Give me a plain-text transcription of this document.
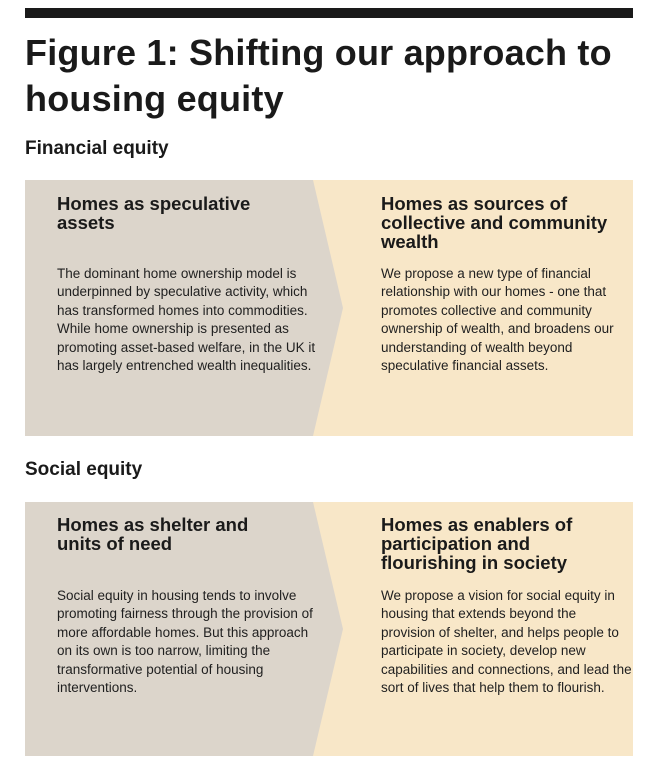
Figure 1: Shifting our approach to housing equity
Financial equity
Homes as speculative assets
The dominant home ownership model is underpinned by speculative activity, which has transformed homes into commodities. While home ownership is presented as promoting asset-based welfare, in the UK it has largely entrenched wealth inequalities.
Homes as sources of collective and community wealth
We propose a new type of financial relationship with our homes - one that promotes collective and community ownership of wealth, and broadens our understanding of wealth beyond speculative financial assets.
Social equity
Homes as shelter and units of need
Social equity in housing tends to involve promoting fairness through the provision of more affordable homes. But this approach on its own is too narrow, limiting the transformative potential of housing interventions.
Homes as enablers of participation and flourishing in society
We propose a vision for social equity in housing that extends beyond the provision of shelter, and helps people to participate in society, develop new capabilities and connections, and lead the sort of lives that help them to flourish.
